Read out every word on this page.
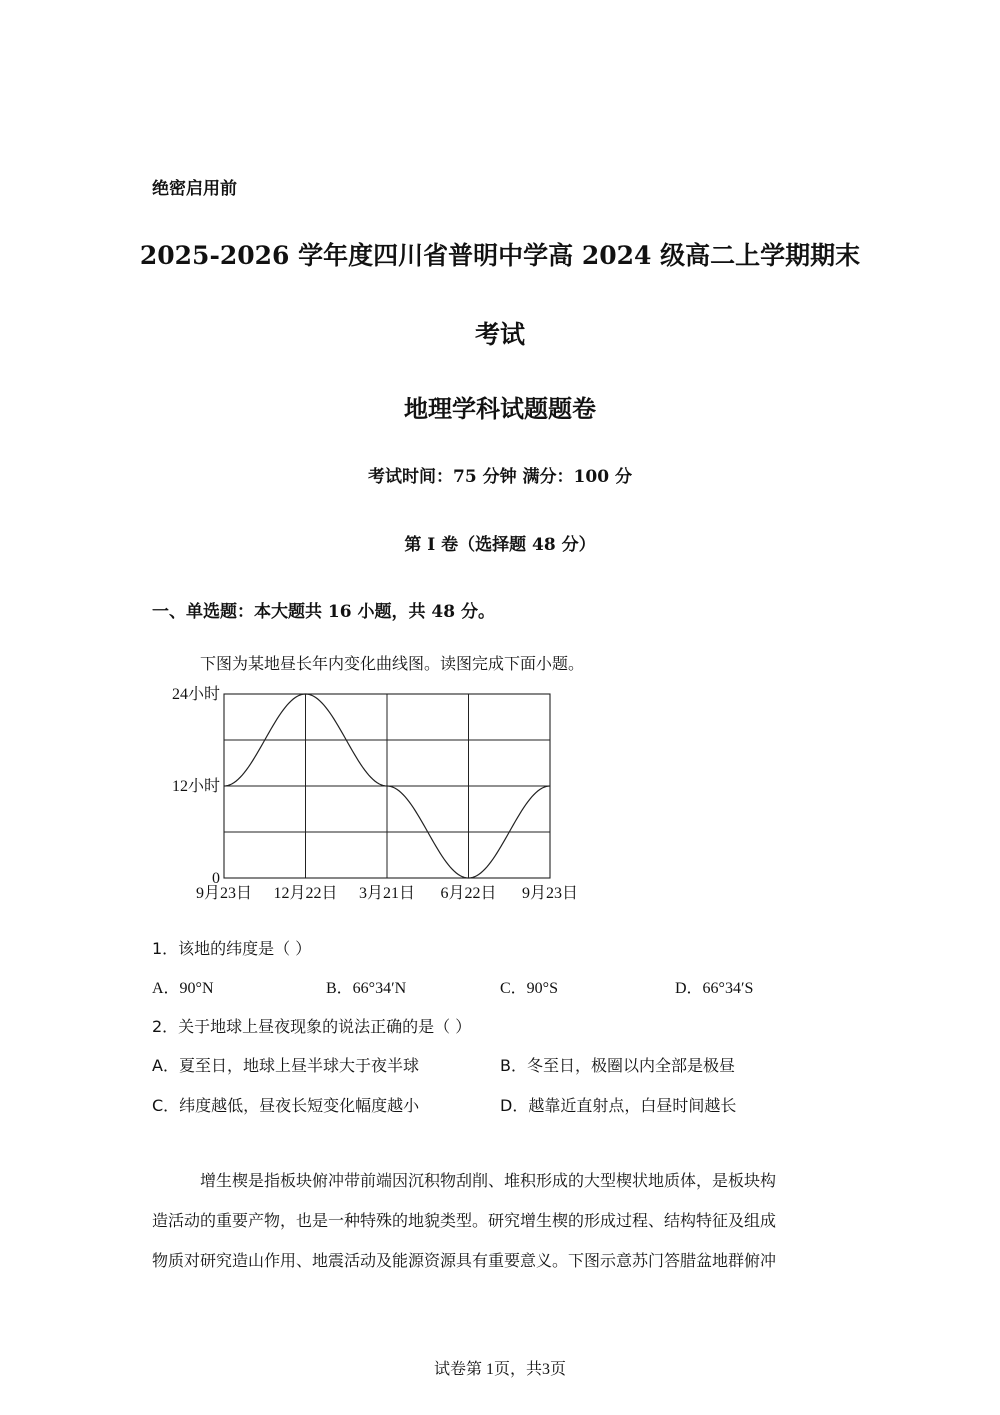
绝密启用前
2025-2026 学年度四川省普明中学高 2024 级高二上学期期末
考试
地理学科试题题卷
考试时间：75 分钟 满分：100 分
第 I 卷（选择题 48 分）
一、单选题：本大题共 16 小题，共 48 分。
下图为某地昼长年内变化曲线图。读图完成下面小题。
24小时
12小时
0
9月23日 12月22日 3月21日 6月22日 9月23日
1．该地的纬度是（ ）
A．90°N	B．66°34′N	C．90°S	D．66°34′S
2．关于地球上昼夜现象的说法正确的是（ ）
A．夏至日，地球上昼半球大于夜半球	B．冬至日，极圈以内全部是极昼
C．纬度越低，昼夜长短变化幅度越小	D．越靠近直射点，白昼时间越长
增生楔是指板块俯冲带前端因沉积物刮削、堆积形成的大型楔状地质体，是板块构
造活动的重要产物，也是一种特殊的地貌类型。研究增生楔的形成过程、结构特征及组成
物质对研究造山作用、地震活动及能源资源具有重要意义。下图示意苏门答腊盆地群俯冲
试卷第 1页，共3页
